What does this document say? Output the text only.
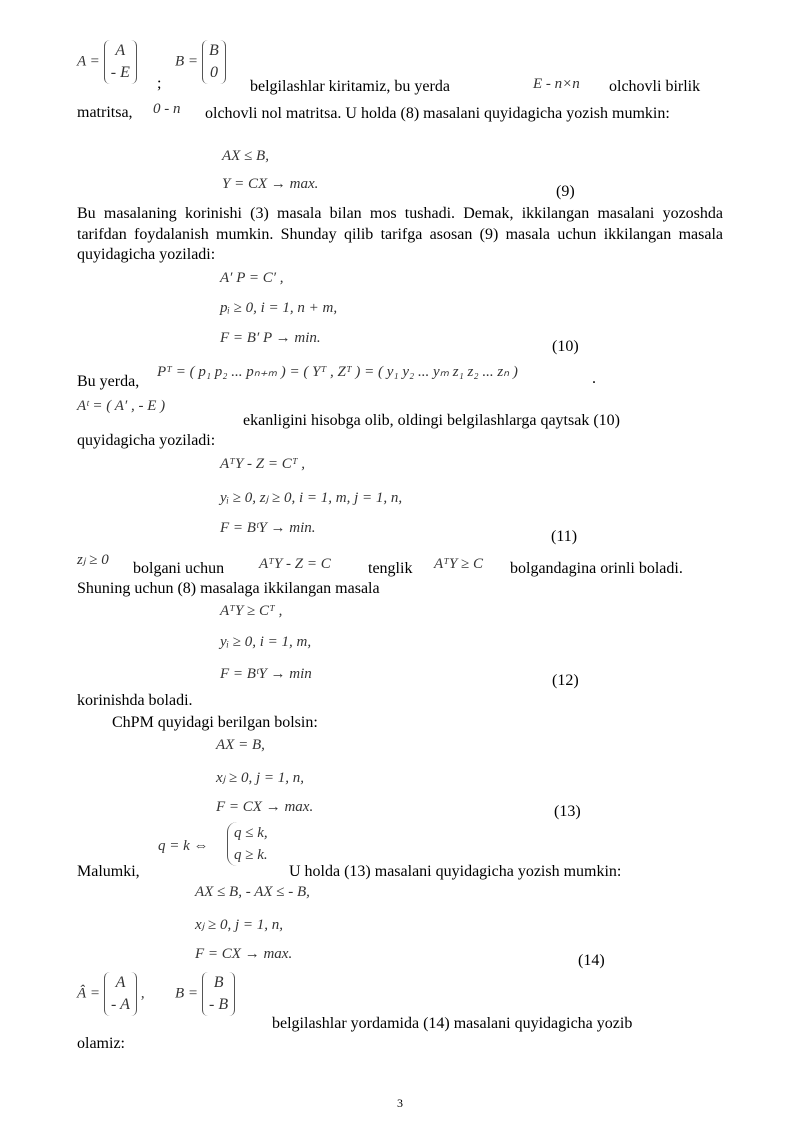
A =
A
- E
B =
B
0
;	belgilashlar kiritamiz, bu yerda	E - n×n olchovli birlik
matritsa, 0 - n	olchovli nol matritsa. U holda (8) masalani quyidagicha yozish mumkin:
AX ≤ B,
Y = CX → max.	(9)
Bu masalaning korinishi (3) masala bilan mos tushadi. Demak, ikkilangan masalani yozoshda tarifdan foydalanish mumkin. Shunday qilib tarifga asosan (9) masala uchun ikkilangan masala quyidagicha yoziladi:
A′ P = C′ ,
pᵢ ≥ 0, i = 1, n + m,
F = B′ P → min.	(10)
Bu yerda,
Pᵀ = ( p₁ p₂ ... pₙ₊ₘ ) = ( Yᵀ , Zᵀ ) = ( y₁ y₂ ... yₘ z₁ z₂ ... zₙ )	.
Aᵗ = ( A′ , - E )
ekanligini hisobga olib, oldingi belgilashlarga qaytsak (10)
quyidagicha yoziladi:
AᵀY - Z = Cᵀ ,
yᵢ ≥ 0, zⱼ ≥ 0, i = 1, m, j = 1, n,
F = BᵗY → min.	(11)
zⱼ ≥ 0 bolgani uchun AᵀY - Z = C tenglik AᵀY ≥ C bolgandagina orinli boladi.
Shuning uchun (8) masalaga ikkilangan masala
AᵀY ≥ Cᵀ ,
yᵢ ≥ 0, i = 1, m,
F = BᵗY → min	(12)
korinishda boladi.
ChPM quyidagi berilgan bolsin:
AX = B,
xⱼ ≥ 0, j = 1, n,
F = CX → max.	(13)
q = k ⇔
q ≤ k,
q ≥ k.
Malumki,	U holda (13) masalani quyidagicha yozish mumkin:
AX ≤ B, - AX ≤ - B,
xⱼ ≥ 0, j = 1, n,
F = CX → max.	(14)
Â =
A
- A
, B =
B
- B
belgilashlar yordamida (14) masalani quyidagicha yozib
olamiz:
3
